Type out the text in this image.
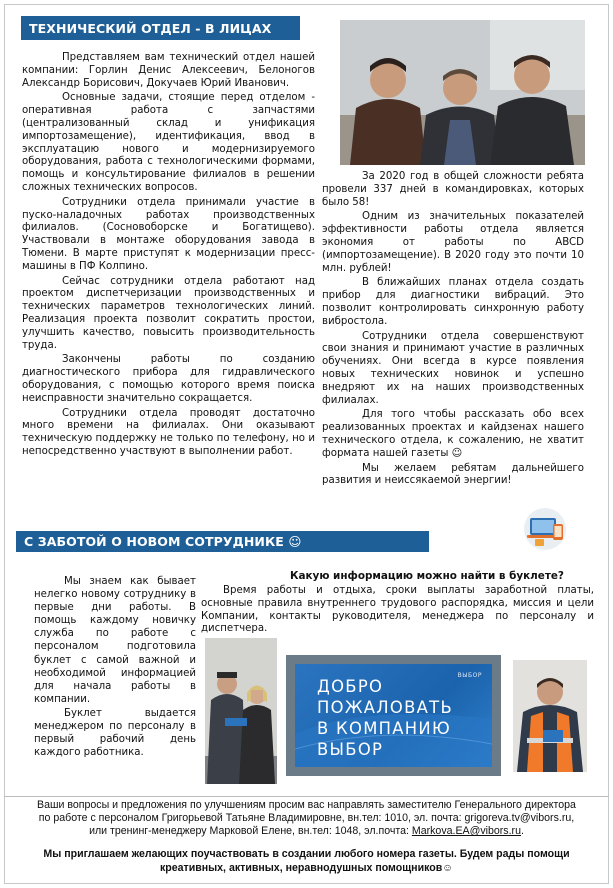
ТЕХНИЧЕСКИЙ ОТДЕЛ - В ЛИЦАХ

Представляем вам технический отдел нашей компании: Горлин Денис Алексеевич, Белоногов Александр Борисович, Докучаев Юрий Иванович.

Основные задачи, стоящие перед отделом - оперативная работа с запчастями (централизованный склад и унификация импортозамещение), идентификация, ввод в эксплуатацию нового и модернизируемого оборудования, работа с технологическими формами, помощь и консультирование филиалов в решении сложных технических вопросов.

Сотрудники отдела принимали участие в пуско-наладочных работах производственных филиалов. (Сосновоборске и Богатищево). Участвовали в монтаже оборудования завода в Тюмени. В марте приступят к модернизации пресс-машины в ПФ Колпино.

Сейчас сотрудники отдела работают над проектом диспетчеризации производственных и технических параметров технологических линий. Реализация проекта позволит сократить простои, улучшить качество, повысить производительность труда.

Закончены работы по созданию диагностического прибора для гидравлического оборудования, с помощью которого время поиска неисправности значительно сокращается.

Сотрудники отдела проводят достаточно много времени на филиалах. Они оказывают техническую поддержку не только по телефону, но и непосредственно участвуют в выполнении работ.

За 2020 год в общей сложности ребята провели 337 дней в командировках, которых было 58!

Одним из значительных показателей эффективности работы отдела является экономия от работы по ABCD (импортозамещение). В 2020 году это почти 10 млн. рублей!

В ближайших планах отдела создать прибор для диагностики вибраций. Это позволит контролировать синхронную работу вибростола.

Сотрудники отдела совершенствуют свои знания и принимают участие в различных обучениях. Они всегда в курсе появления новых технических новинок и успешно внедряют их на наших производственных филиалах.

Для того чтобы рассказать обо всех реализованных проектах и кайдзенах нашего технического отдела, к сожалению, не хватит формата нашей газеты ☺

Мы желаем ребятам дальнейшего развития и неиссякаемой энергии!

С ЗАБОТОЙ О НОВОМ СОТРУДНИКЕ ☺

Мы знаем как бывает нелегко новому сотруднику в первые дни работы. В помощь каждому новичку служба по работе с персоналом подготовила буклет с самой важной и необходимой информацией для начала работы в компании.

Буклет выдается менеджером по персоналу в первый рабочий день каждого работника.

Какую информацию можно найти в буклете?
Время работы и отдыха, сроки выплаты заработной платы, основные правила внутреннего трудового распорядка, миссия и цели Компании, контакты руководителя, менеджера по персоналу и диспетчера.
ВЫБОР
ДОБРО
ПОЖАЛОВАТЬ
В КОМПАНИЮ
ВЫБОР
Ваши вопросы и предложения по улучшениям просим вас направлять заместителю Генерального директора
по работе с персоналом Григорьевой Татьяне Владимировне, вн.тел: 1010, эл. почта: grigoreva.tv@vibors.ru,
или тренинг-менеджеру Марковой Елене, вн.тел: 1048, эл.почта: Markova.EA@vibors.ru.
Мы приглашаем желающих поучаствовать в создании любого номера газеты. Будем рады помощи креативных, активных, неравнодушных помощников☺
